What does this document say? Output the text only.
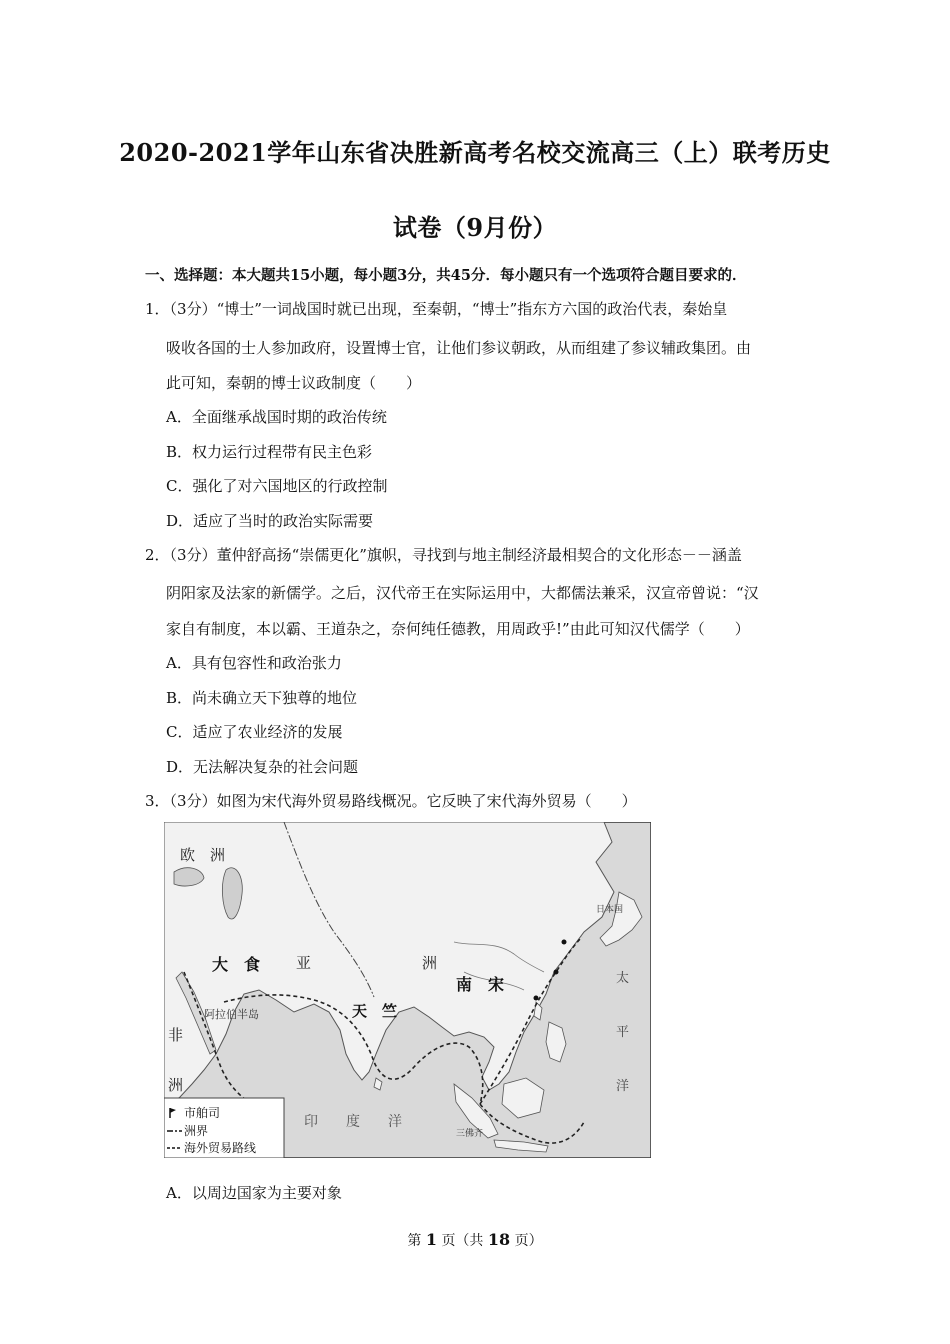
2020-2021学年山东省决胜新高考名校交流高三（上）联考历史
试卷（9月份）
一、选择题：本大题共15小题，每小题3分，共45分．每小题只有一个选项符合题目要求的．
1．（3分）“博士”一词战国时就已出现，至秦朝，“博士”指东方六国的政治代表，秦始皇
吸收各国的士人参加政府，设置博士官，让他们参议朝政，从而组建了参议辅政集团。由
此可知，秦朝的博士议政制度（　　）
A．全面继承战国时期的政治传统
B．权力运行过程带有民主色彩
C．强化了对六国地区的行政控制
D．适应了当时的政治实际需要
2．（3分）董仲舒高扬“崇儒更化”旗帜，寻找到与地主制经济最相契合的文化形态－－涵盖
阴阳家及法家的新儒学。之后，汉代帝王在实际运用中，大都儒法兼采，汉宣帝曾说：“汉
家自有制度，本以霸、王道杂之，奈何纯任德教，用周政乎!”由此可知汉代儒学（　　）
A．具有包容性和政治张力
B．尚未确立天下独尊的地位
C．适应了农业经济的发展
D．无法解决复杂的社会问题
3．（3分）如图为宋代海外贸易路线概况。它反映了宋代海外贸易（　　）
欧　洲
大　食 亚	洲
南　宋
天　竺
阿拉伯半岛
非
洲
印　　度　　洋
太
平
洋
日本国
三佛齐
市舶司
洲界
海外贸易路线
A．以周边国家为主要对象
第 1 页（共 18 页）
